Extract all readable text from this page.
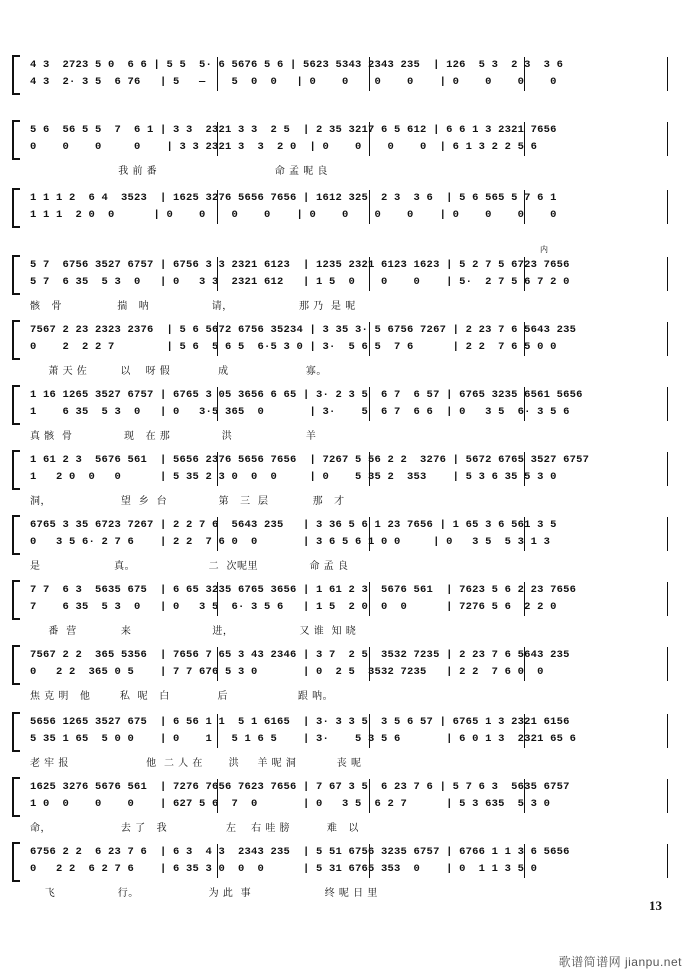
4 3  2723 5 0  6 6 | 5 5  5· 6 5676 5 6 | 5623 5343 2343 235  | 126  5 3  2 3  3 6
4 3  2· 3 5  6 76   | 5   —    5  0  0   | 0    0    0    0    | 0    0    0    0
5 6  56 5 5  7  6 1 | 3 3  2321 3 3  2 5  | 2 35 3217 6 5 612 | 6 6 1 3 2321 7656
0    0    0     0    | 3 3 2321 3  3  2 0  | 0    0    0    0  | 6 1 3 2 2 5 6
我 前 番                                命 孟 呢 良
1 1 1 2  6 4  3523  | 1625 3276 5656 7656 | 1612 325  2 3  3 6  | 5 6 565 5 7 6 1
1 1 1  2 0  0      | 0    0    0    0    | 0    0    0    0    | 0    0    0    0
5 7  6756 3527 6757 | 6756 3 3 2321 6123  | 1235 2321 6123 1623 | 5 2 7 5 6723 7656
5 7  6 35  5 3  0   | 0   3 3  2321 612   | 1 5  0    0    0    | 5·  2 7 5 6 7 2 0
骸   骨               揣   呐                 请，                  那 乃  是 呢
7567 2 23 2323 2376  | 5 6 5672 6756 35234 | 3 35 3· 5 6756 7267 | 2 23 7 6 5643 235
0    2  2 2 7        | 5 6  5 6 5  6·5 3 0 | 3·  5 6 5  7 6      | 2 2  7 6 5 0 0
萧 天 佐         以    呀 假             成                     寡。
1 16 1265 3527 6757 | 6765 3 05 3656 6 65 | 3· 2 3 5  6 7  6 57 | 6765 3235 6561 5656
1    6 35  5 3  0   | 0   3·5 365  0       | 3·    5  6 7  6 6  | 0   3 5  6· 3 5 6
真 骸  骨              现   在 那              洪                    羊
1 61 2 3  5676 561  | 5656 2376 5656 7656  | 7267 5 56 2 2  3276 | 5672 6765 3527 6757
1   2 0  0   0      | 5 35 2 3 0  0  0     | 0    5 35 2  353    | 5 3 6 35 5 3 0
洞，                   望  乡  台              第   三  层            那   才
6765 3 35 6723 7267 | 2 2 7 6  5643 235   | 3 36 5 6 1 23 7656 | 1 65 3 6 561 3 5
0   3 5 6· 2 7 6    | 2 2  7 6 0  0       | 3 6 5 6 1 0 0     | 0   3 5  5 3 1 3
是                    真。                    二  次呢里              命 孟 良
7 7  6 3  5635 675  | 6 65 3235 6765 3656 | 1 61 2 3  5676 561  | 7623 5 6 2 23 7656
7    6 35  5 3  0   | 0   3 5  6· 3 5 6   | 1 5  2 0  0  0      | 7276 5 6  2 2 0
番  营            来                      进，                  又 谁  知 晓
7567 2 2  365 5356  | 7656 7 65 3 43 2346 | 3 7  2 5  3532 7235 | 2 23 7 6 5643 235
0   2 2  365 0 5    | 7 7 676 5 3 0       | 0  2 5  3532 7235   | 2 2  7 6 0  0
焦 克 明   他        私  呢   白             后                   跟 呐。
5656 1265 3527 675  | 6 56 1 1  5 1 6165  | 3· 3 3 5  3 5 6 57 | 6765 1 3 2321 6156
5 35 1 65  5 0 0    | 0    1   5 1 6 5    | 3·    5 3 5 6       | 6 0 1 3  2321 65 6
老 牢 报                     他  二 人 在       洪     羊 呢 洞           丧 呢
1625 3276 5676 561  | 7276 7656 7623 7656 | 7 67 3 5  6 23 7 6 | 5 7 6 3  5635 6757
1 0  0    0    0    | 627 5 6  7  0       | 0   3 5  6 2 7      | 5 3 635  5 3 0
命，                   去 了   我                左    右 哇 膀          难   以
6756 2 2  6 23 7 6  | 6 3  4 3  2343 235  | 5 51 6756 3235 6757 | 6766 1 1 3 6 5656
0   2 2  6 2 7 6    | 6 35 3 0  0  0      | 5 31 6765 353  0    | 0  1 1 3 5 0
飞                 行。                   为 此  事                    终 呢 日 里
内
13
歌谱简谱网 jianpu.net
